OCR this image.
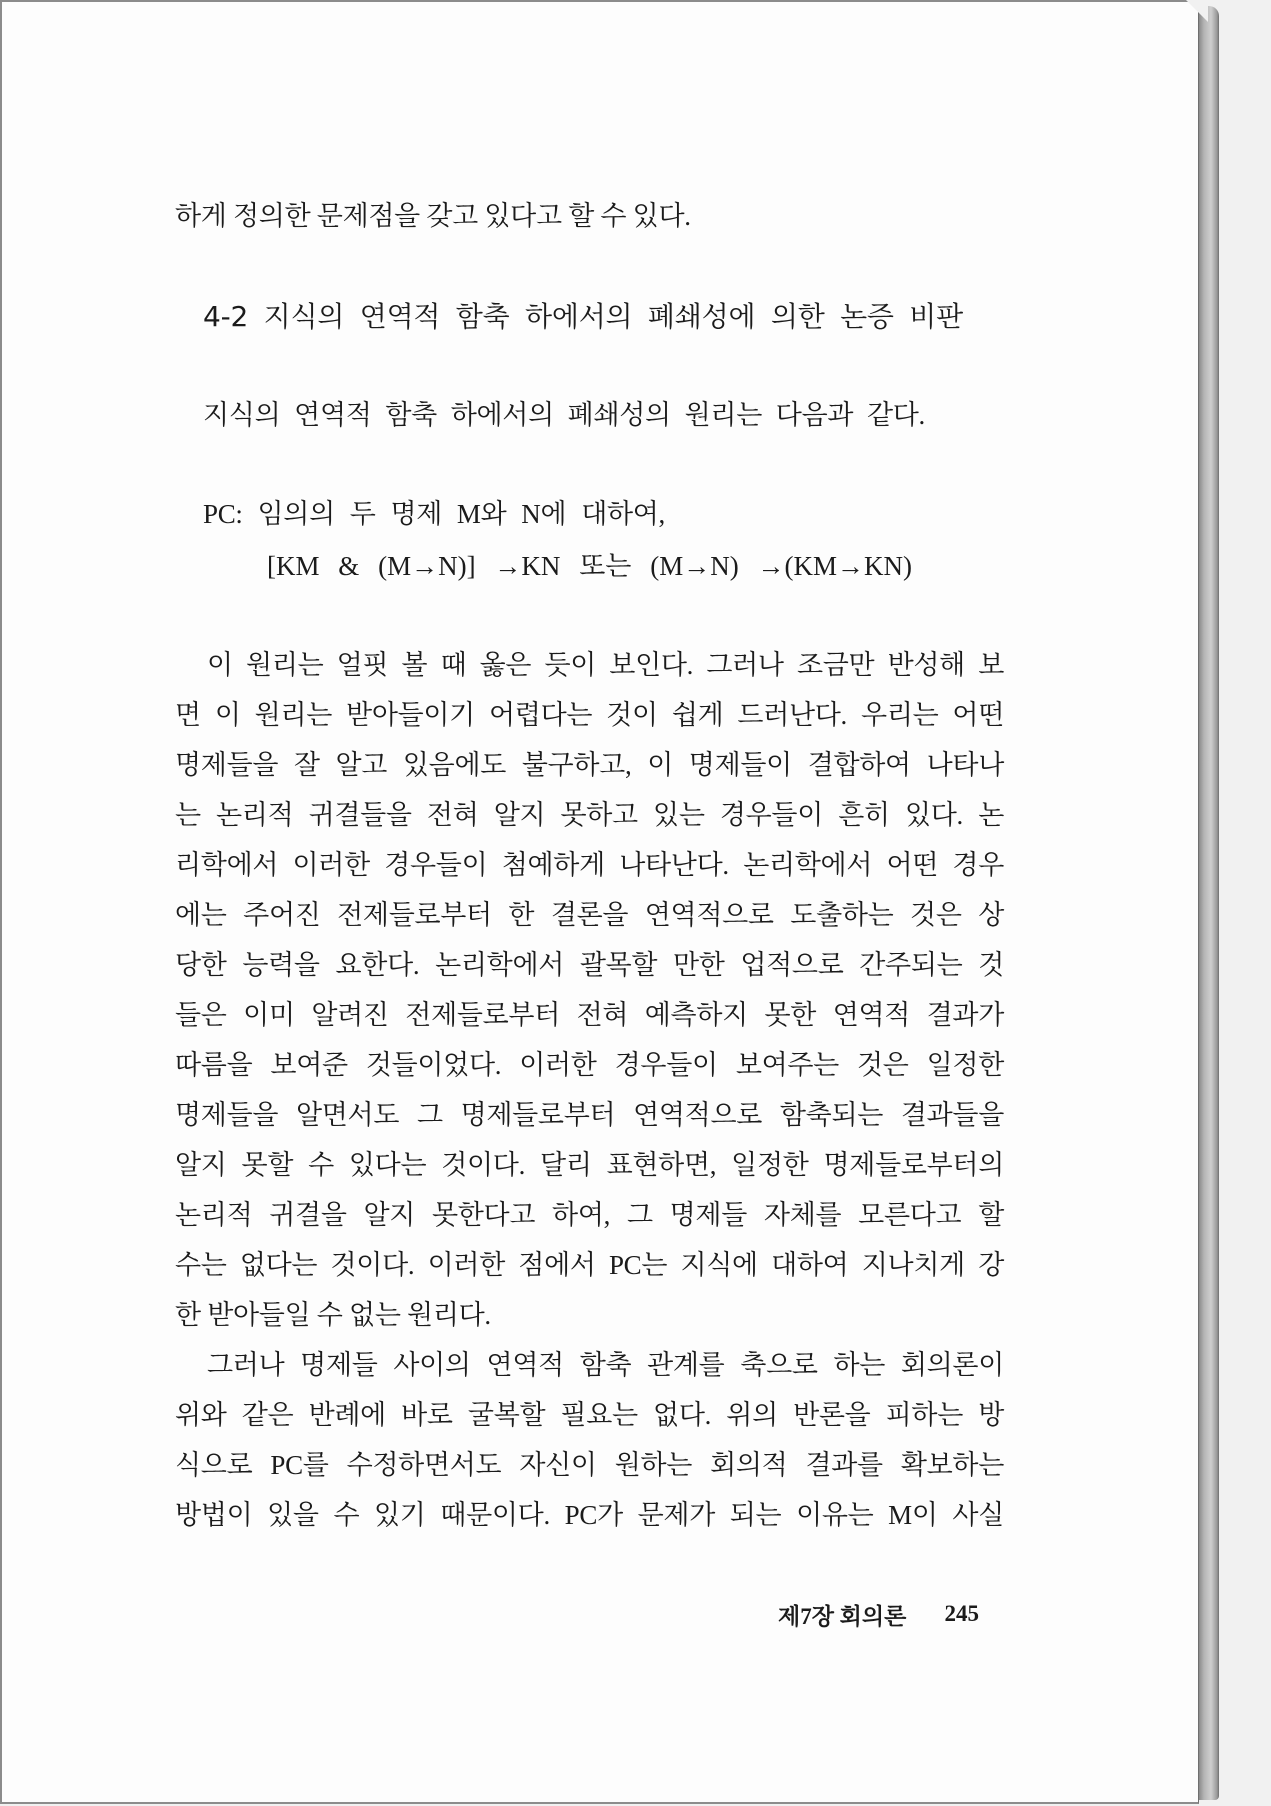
하게 정의한 문제점을 갖고 있다고 할 수 있다.
4-2 지식의 연역적 함축 하에서의 폐쇄성에 의한 논증 비판
지식의 연역적 함축 하에서의 폐쇄성의 원리는 다음과 같다.
PC: 임의의 두 명제 M와 N에 대하여,
[KM & (M→N)] →KN 또는 (M→N) →(KM→KN)
이 원리는 얼핏 볼 때 옳은 듯이 보인다. 그러나 조금만 반성해 보
면 이 원리는 받아들이기 어렵다는 것이 쉽게 드러난다. 우리는 어떤
명제들을 잘 알고 있음에도 불구하고, 이 명제들이 결합하여 나타나
는 논리적 귀결들을 전혀 알지 못하고 있는 경우들이 흔히 있다. 논
리학에서 이러한 경우들이 첨예하게 나타난다. 논리학에서 어떤 경우
에는 주어진 전제들로부터 한 결론을 연역적으로 도출하는 것은 상
당한 능력을 요한다. 논리학에서 괄목할 만한 업적으로 간주되는 것
들은 이미 알려진 전제들로부터 전혀 예측하지 못한 연역적 결과가
따름을 보여준 것들이었다. 이러한 경우들이 보여주는 것은 일정한
명제들을 알면서도 그 명제들로부터 연역적으로 함축되는 결과들을
알지 못할 수 있다는 것이다. 달리 표현하면, 일정한 명제들로부터의
논리적 귀결을 알지 못한다고 하여, 그 명제들 자체를 모른다고 할
수는 없다는 것이다. 이러한 점에서 PC는 지식에 대하여 지나치게 강
한 받아들일 수 없는 원리다.
그러나 명제들 사이의 연역적 함축 관계를 축으로 하는 회의론이
위와 같은 반례에 바로 굴복할 필요는 없다. 위의 반론을 피하는 방
식으로 PC를 수정하면서도 자신이 원하는 회의적 결과를 확보하는
방법이 있을 수 있기 때문이다. PC가 문제가 되는 이유는 M이 사실
제7장 회의론 245
